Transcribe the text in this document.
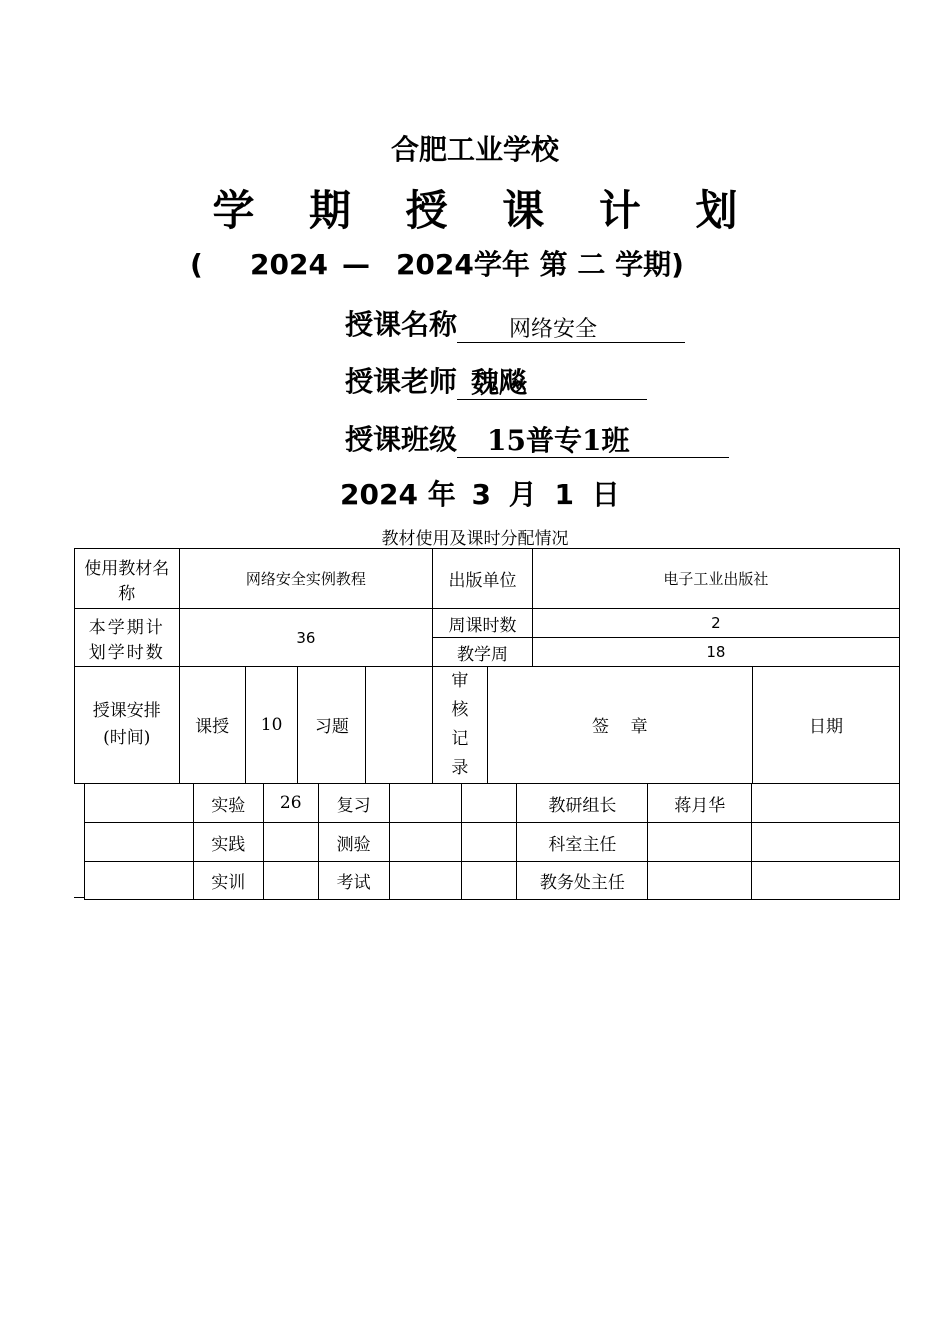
合肥工业学校
学 期 授 课 计 划
( 2024 — 2024学年 第 二 学期)
授课名称	网络安全
授课老师 魏飚
授课班级	15普专1班
2024 年 3 月 1 日
教材使用及课时分配情况
使用教材名称	网络安全实例教程				出版单位		电子工业出版社	
本学期计划学时数	36				周课时数		2	
					教学周		18	
授课安排(时间)	课授	10	习题		审核记录	签    章		日期
	实验	26	复习			教研组长	蒋月华	
	实践		测验			科室主任		
	实训		考试			教务处主任		
